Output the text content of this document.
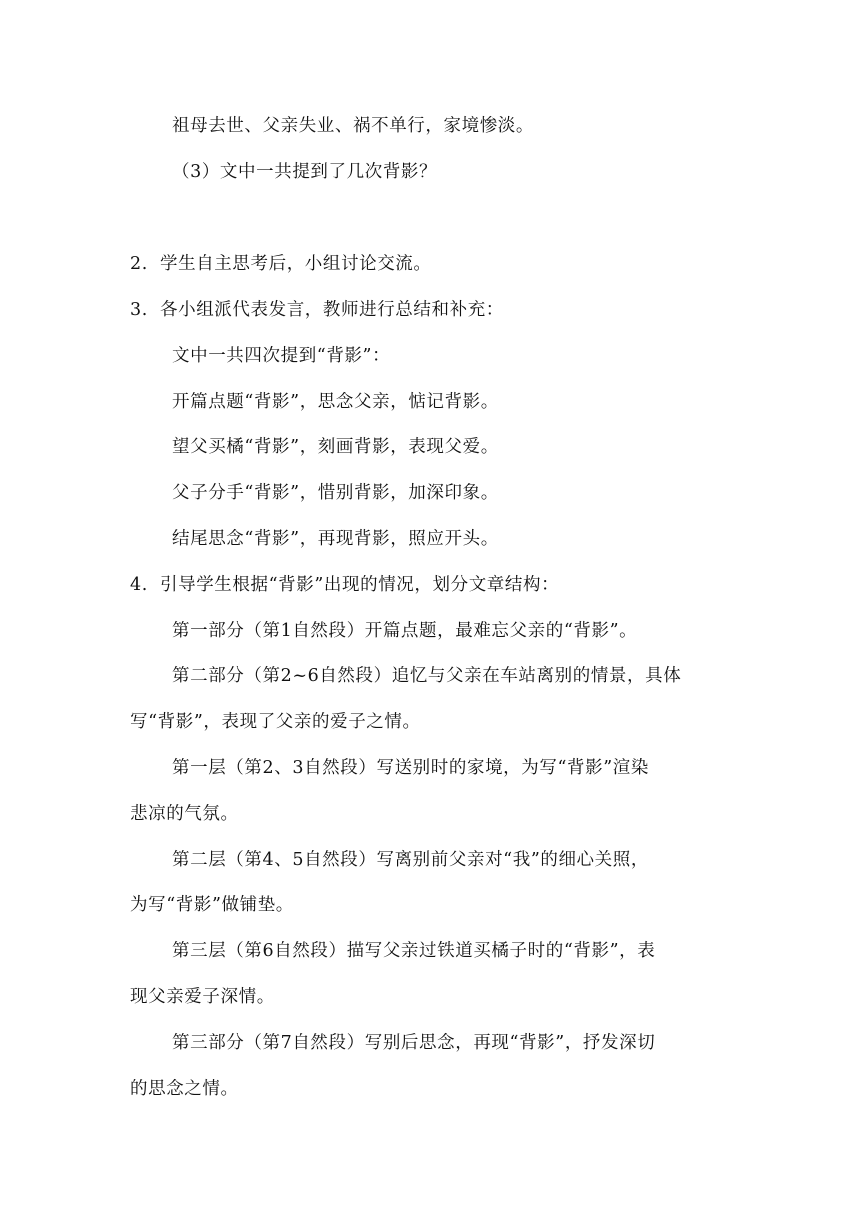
祖母去世、父亲失业、祸不单行，家境惨淡。
（3）文中一共提到了几次背影？
2. 学生自主思考后，小组讨论交流。
3. 各小组派代表发言，教师进行总结和补充：
文中一共四次提到“背影”：
开篇点题“背影”，思念父亲，惦记背影。
望父买橘“背影”，刻画背影，表现父爱。
父子分手“背影”，惜别背影，加深印象。
结尾思念“背影”，再现背影，照应开头。
4. 引导学生根据“背影”出现的情况，划分文章结构：
第一部分（第1自然段）开篇点题，最难忘父亲的“背影”。
第二部分（第2~6自然段）追忆与父亲在车站离别的情景，具体
写“背影”，表现了父亲的爱子之情。
第一层（第2、3自然段）写送别时的家境，为写“背影”渲染
悲凉的气氛。
第二层（第4、5自然段）写离别前父亲对“我”的细心关照，
为写“背影”做铺垫。
第三层（第6自然段）描写父亲过铁道买橘子时的“背影”，表
现父亲爱子深情。
第三部分（第7自然段）写别后思念，再现“背影”，抒发深切
的思念之情。
